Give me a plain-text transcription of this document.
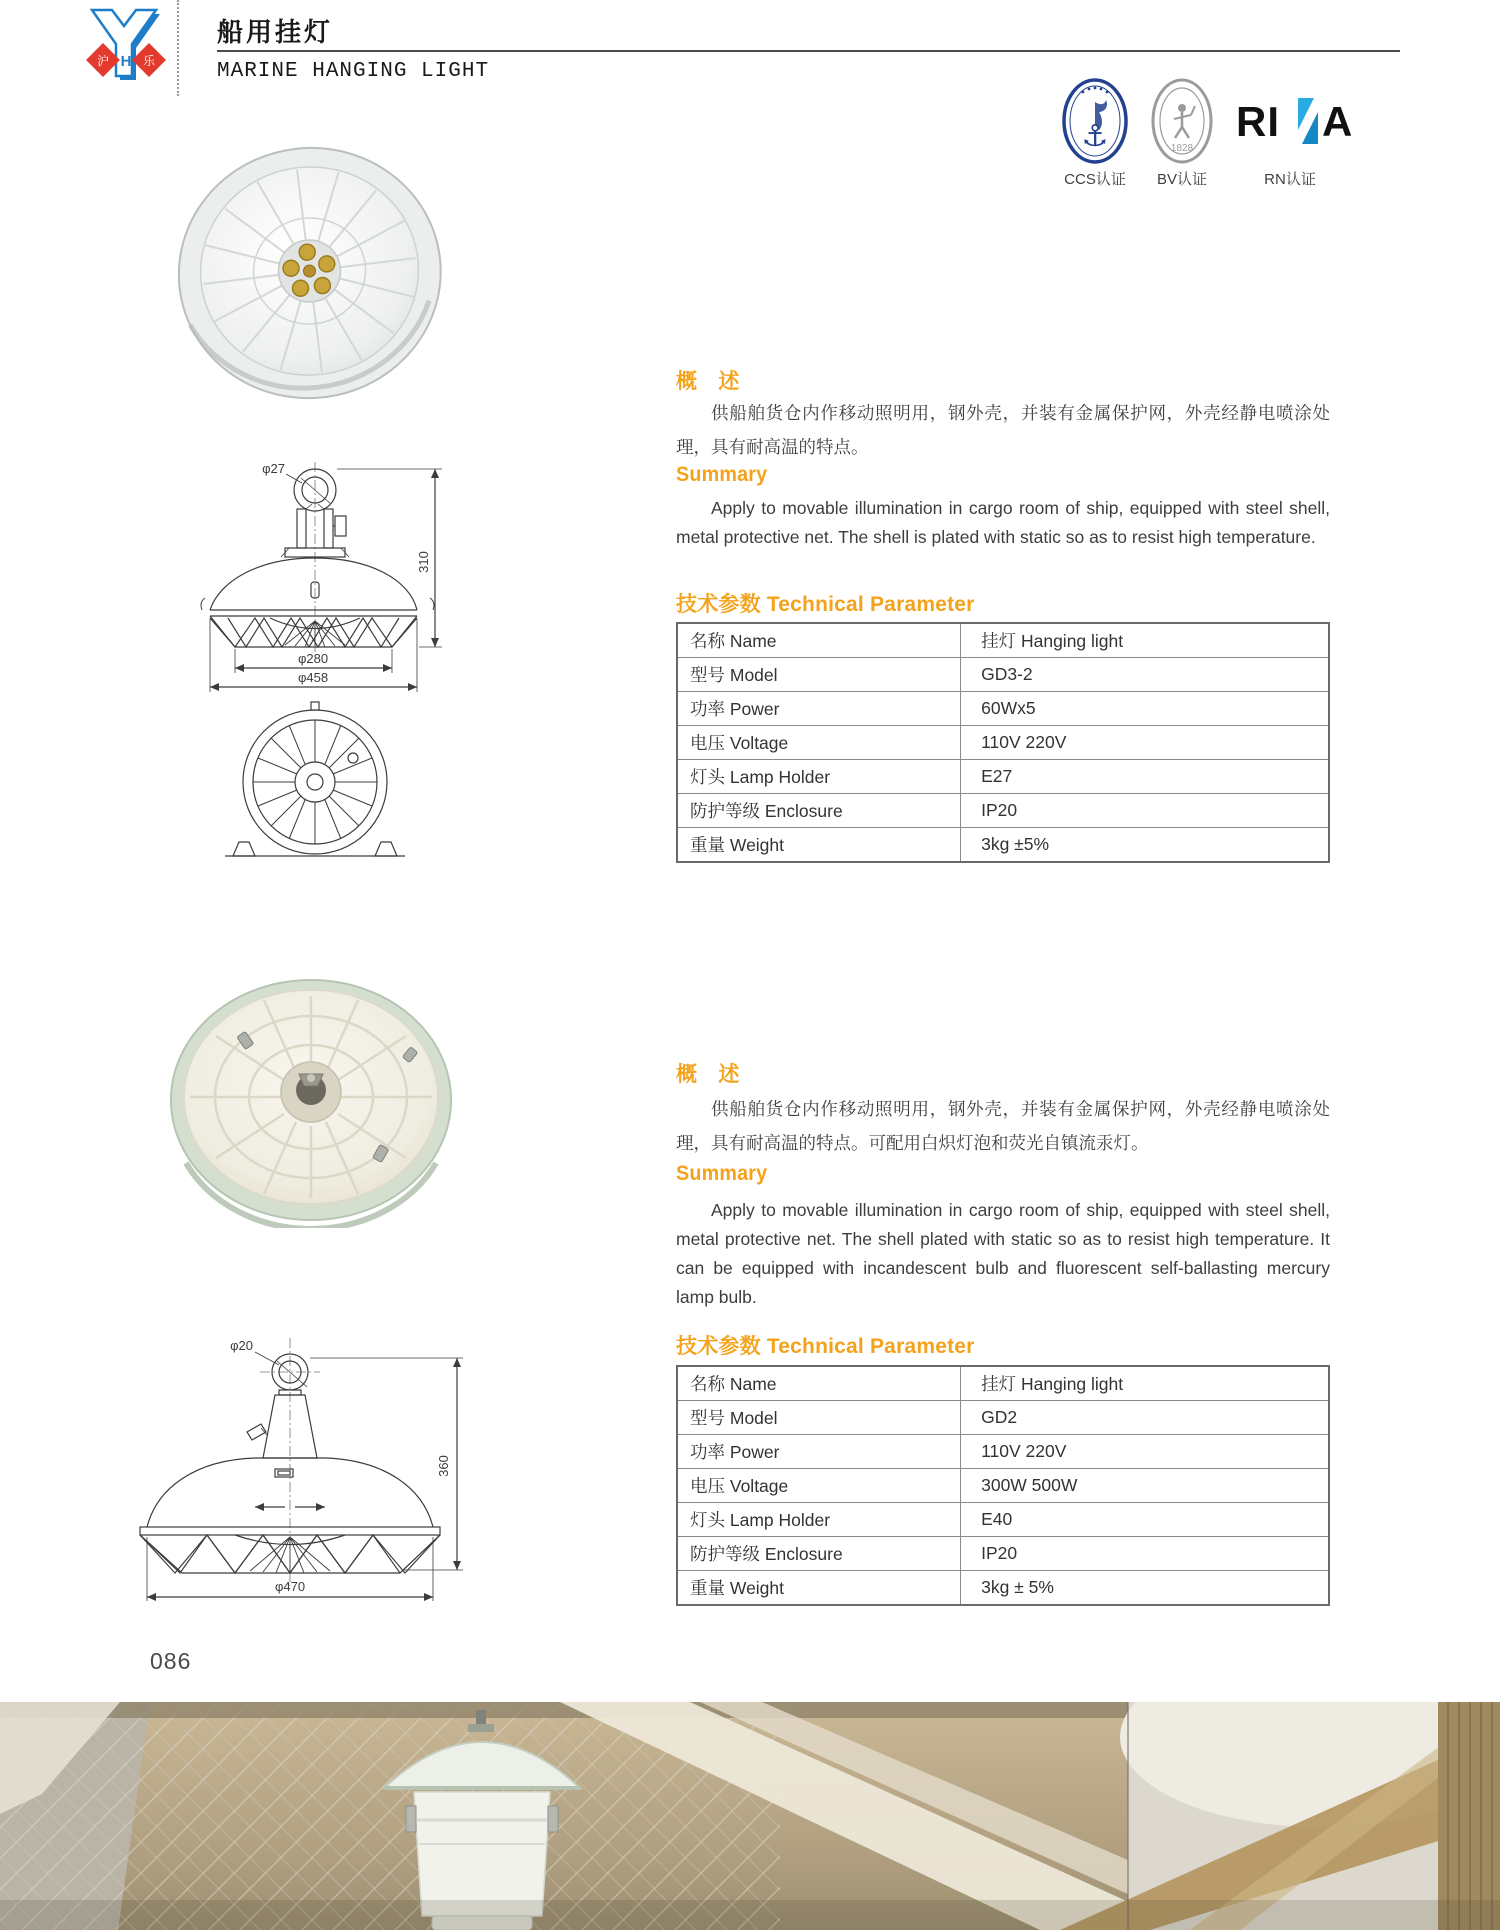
沪	乐
H
船用挂灯
MARINE HANGING LIGHT
⚓	1828
RI A
CCS认证	BV认证	RN认证
φ27
310
φ280
φ458
概　述
供船舶货仓内作移动照明用，钢外壳，并装有金属保护网，外壳经静电喷涂处理，具有耐高温的特点。
Summary
Apply to movable illumination in cargo room of ship, equipped with steel shell, metal protective net. The shell is plated with static so as to resist high temperature.
技术参数 Technical Parameter
名称 Name	挂灯 Hanging light
型号 Model	GD3-2
功率 Power	60Wx5
电压 Voltage	110V 220V
灯头 Lamp Holder	E27
防护等级 Enclosure	IP20
重量 Weight	3kg ±5%
概　述
供船舶货仓内作移动照明用，钢外壳，并装有金属保护网，外壳经静电喷涂处理，具有耐高温的特点。可配用白炽灯泡和荧光自镇流汞灯。
Summary
Apply to movable illumination in cargo room of ship, equipped with steel shell, metal protective net. The shell plated with static so as to resist high temperature. It can be equipped with incandescent bulb and fluorescent self-ballasting mercury lamp bulb.
技术参数 Technical Parameter
名称 Name	挂灯 Hanging light
型号 Model	GD2
功率 Power	110V 220V
电压 Voltage	300W 500W
灯头 Lamp Holder	E40
防护等级 Enclosure	IP20
重量 Weight	3kg ± 5%
φ20
360
φ470
086
